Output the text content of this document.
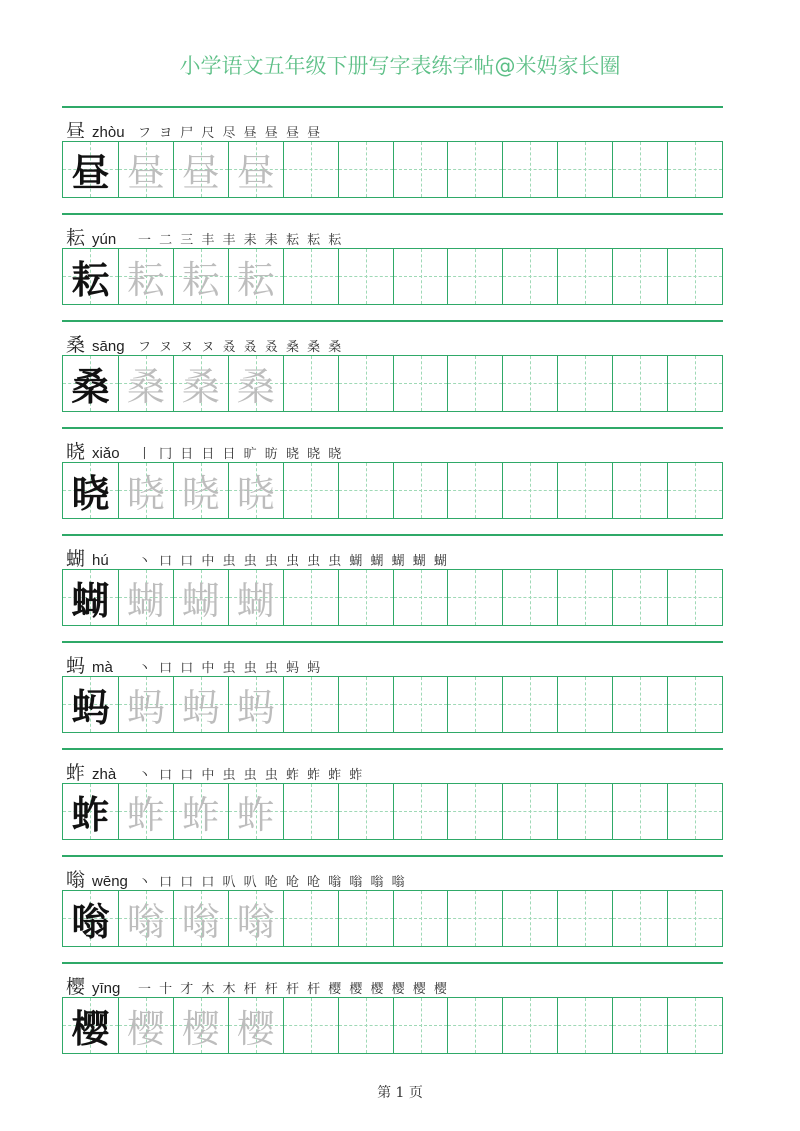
小学语文五年级下册写字表练字帖@米妈家长圈
昼 zhòu	フ ヨ 尸 尺 尽 昼 昼 昼 昼
昼 昼 昼 昼
耘 yún	一 二 三 丰 丰 耒 耒 耘 耘 耘
耘 耘 耘 耘
桑 sāng	フ ヌ ヌ ヌ 叒 叒 叒 桑 桑 桑
桑 桑 桑 桑
晓 xiǎo	丨 冂 日 日 日 旷 昉 晓 晓 晓
晓 晓 晓 晓
蝴 hú	丶 口 口 中 虫 虫 虫 虫 虫 虫 蝴 蝴 蝴 蝴 蝴
蝴 蝴 蝴 蝴
蚂 mà	丶 口 口 中 虫 虫 虫 蚂 蚂
蚂 蚂 蚂 蚂
蚱 zhà	丶 口 口 中 虫 虫 虫 蚱 蚱 蚱 蚱
蚱 蚱 蚱 蚱
嗡 wēng 丶 口 口 口 叭 叭 呛 呛 呛 嗡 嗡 嗡 嗡
嗡 嗡 嗡 嗡
樱 yīng	一 十 才 木 木 杆 杆 杆 杆 樱 樱 樱 樱 樱 樱
樱 樱 樱 樱
第 1 页
